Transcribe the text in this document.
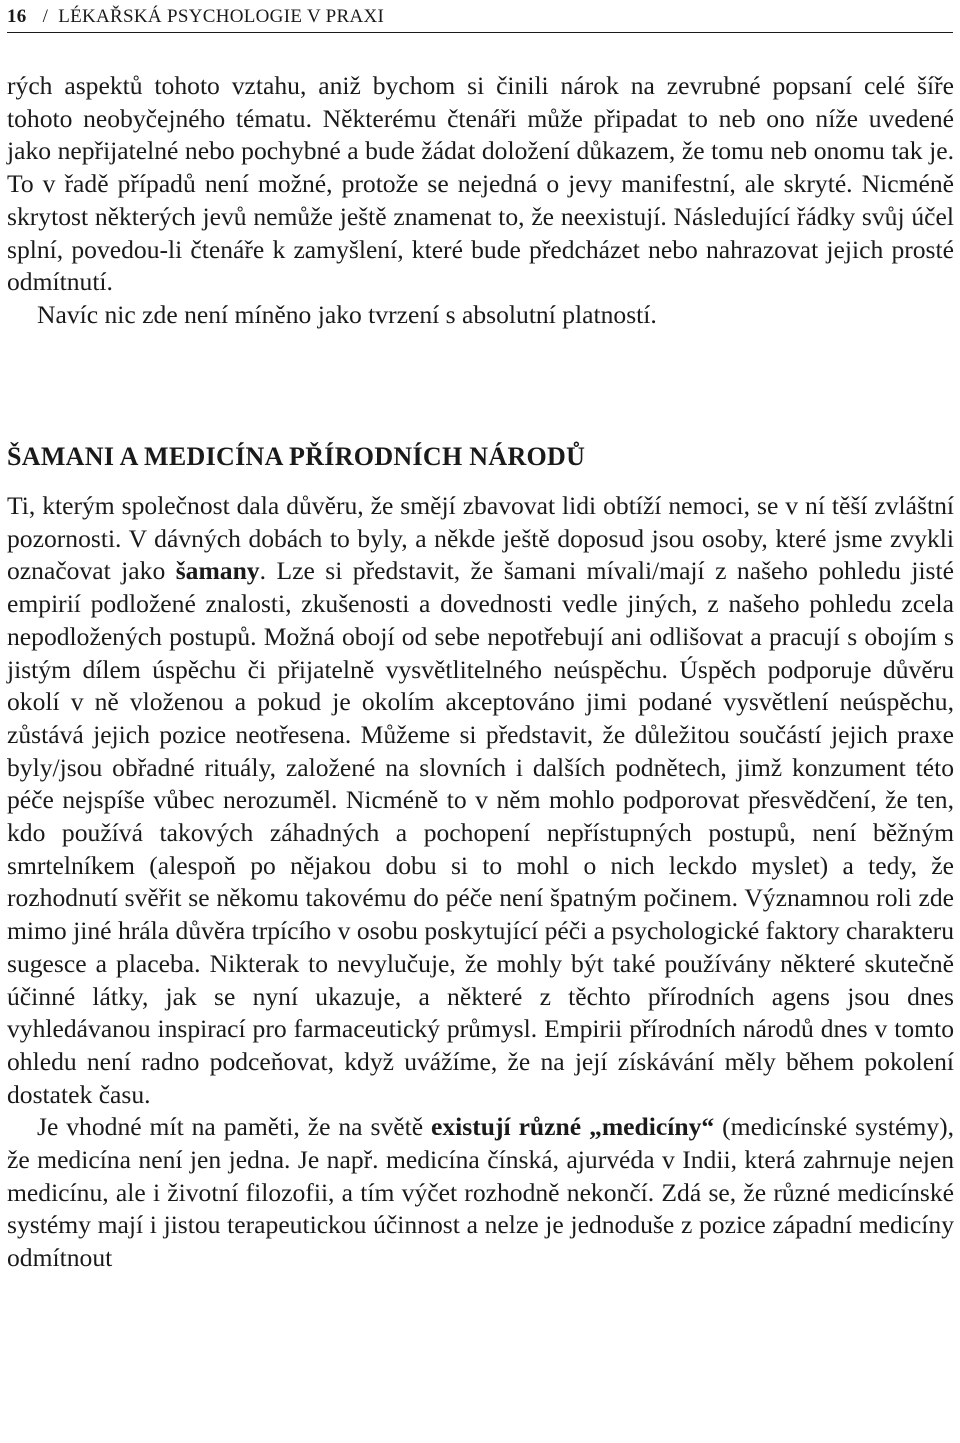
16 / LÉKAŘSKÁ PSYCHOLOGIE V PRAXI

rých aspektů tohoto vztahu, aniž bychom si činili nárok na zevrubné popsaní celé šíře tohoto neobyčejného tématu. Některému čtenáři může připadat to neb ono níže uvedené jako nepřijatelné nebo pochybné a bude žádat doložení důkazem, že tomu neb onomu tak je. To v řadě případů není možné, protože se nejedná o jevy manifestní, ale skryté. Nicméně skrytost některých jevů nemůže ještě znamenat to, že neexistují. Následující řádky svůj účel splní, povedou-li čtenáře k zamyšlení, které bude předcházet nebo nahrazovat jejich prosté odmítnutí.

Navíc nic zde není míněno jako tvrzení s absolutní platností.

ŠAMANI A MEDICÍNA PŘÍRODNÍCH NÁRODŮ

Ti, kterým společnost dala důvěru, že smějí zbavovat lidi obtíží nemoci, se v ní těší zvláštní pozornosti. V dávných dobách to byly, a někde ještě doposud jsou osoby, které jsme zvykli označovat jako šamany. Lze si představit, že šamani mívali/mají z našeho pohledu jisté empirií podložené znalosti, zkušenosti a dovednosti vedle jiných, z našeho pohledu zcela nepodložených postupů. Možná obojí od sebe nepotřebují ani odlišovat a pracují s obojím s jistým dílem úspěchu či přijatelně vysvětlitelného neúspěchu. Úspěch podporuje důvěru okolí v ně vloženou a pokud je okolím akceptováno jimi podané vysvětlení neúspěchu, zůstává jejich pozice neotřesena. Můžeme si představit, že důležitou součástí jejich praxe byly/jsou obřadné rituály, založené na slovních i dalších podnětech, jimž konzument této péče nejspíše vůbec nerozuměl. Nicméně to v něm mohlo podporovat přesvědčení, že ten, kdo používá takových záhadných a pochopení nepřístupných postupů, není běžným smrtelníkem (alespoň po nějakou dobu si to mohl o nich leckdo myslet) a tedy, že rozhodnutí svěřit se někomu takovému do péče není špatným počinem. Významnou roli zde mimo jiné hrála důvěra trpícího v osobu poskytující péči a psychologické faktory charakteru sugesce a placeba. Nikterak to nevylučuje, že mohly být také používány některé skutečně účinné látky, jak se nyní ukazuje, a některé z těchto přírodních agens jsou dnes vyhledávanou inspirací pro farmaceutický průmysl. Empirii přírodních národů dnes v tomto ohledu není radno podceňovat, když uvážíme, že na její získávání měly během pokolení dostatek času.

Je vhodné mít na paměti, že na světě existují různé „medicíny“ (medicínské systémy), že medicína není jen jedna. Je např. medicína čínská, ajurvéda v Indii, která zahrnuje nejen medicínu, ale i životní filozofii, a tím výčet rozhodně nekončí. Zdá se, že různé medicínské systémy mají i jistou terapeutickou účinnost a nelze je jednoduše z pozice západní medicíny odmítnout
